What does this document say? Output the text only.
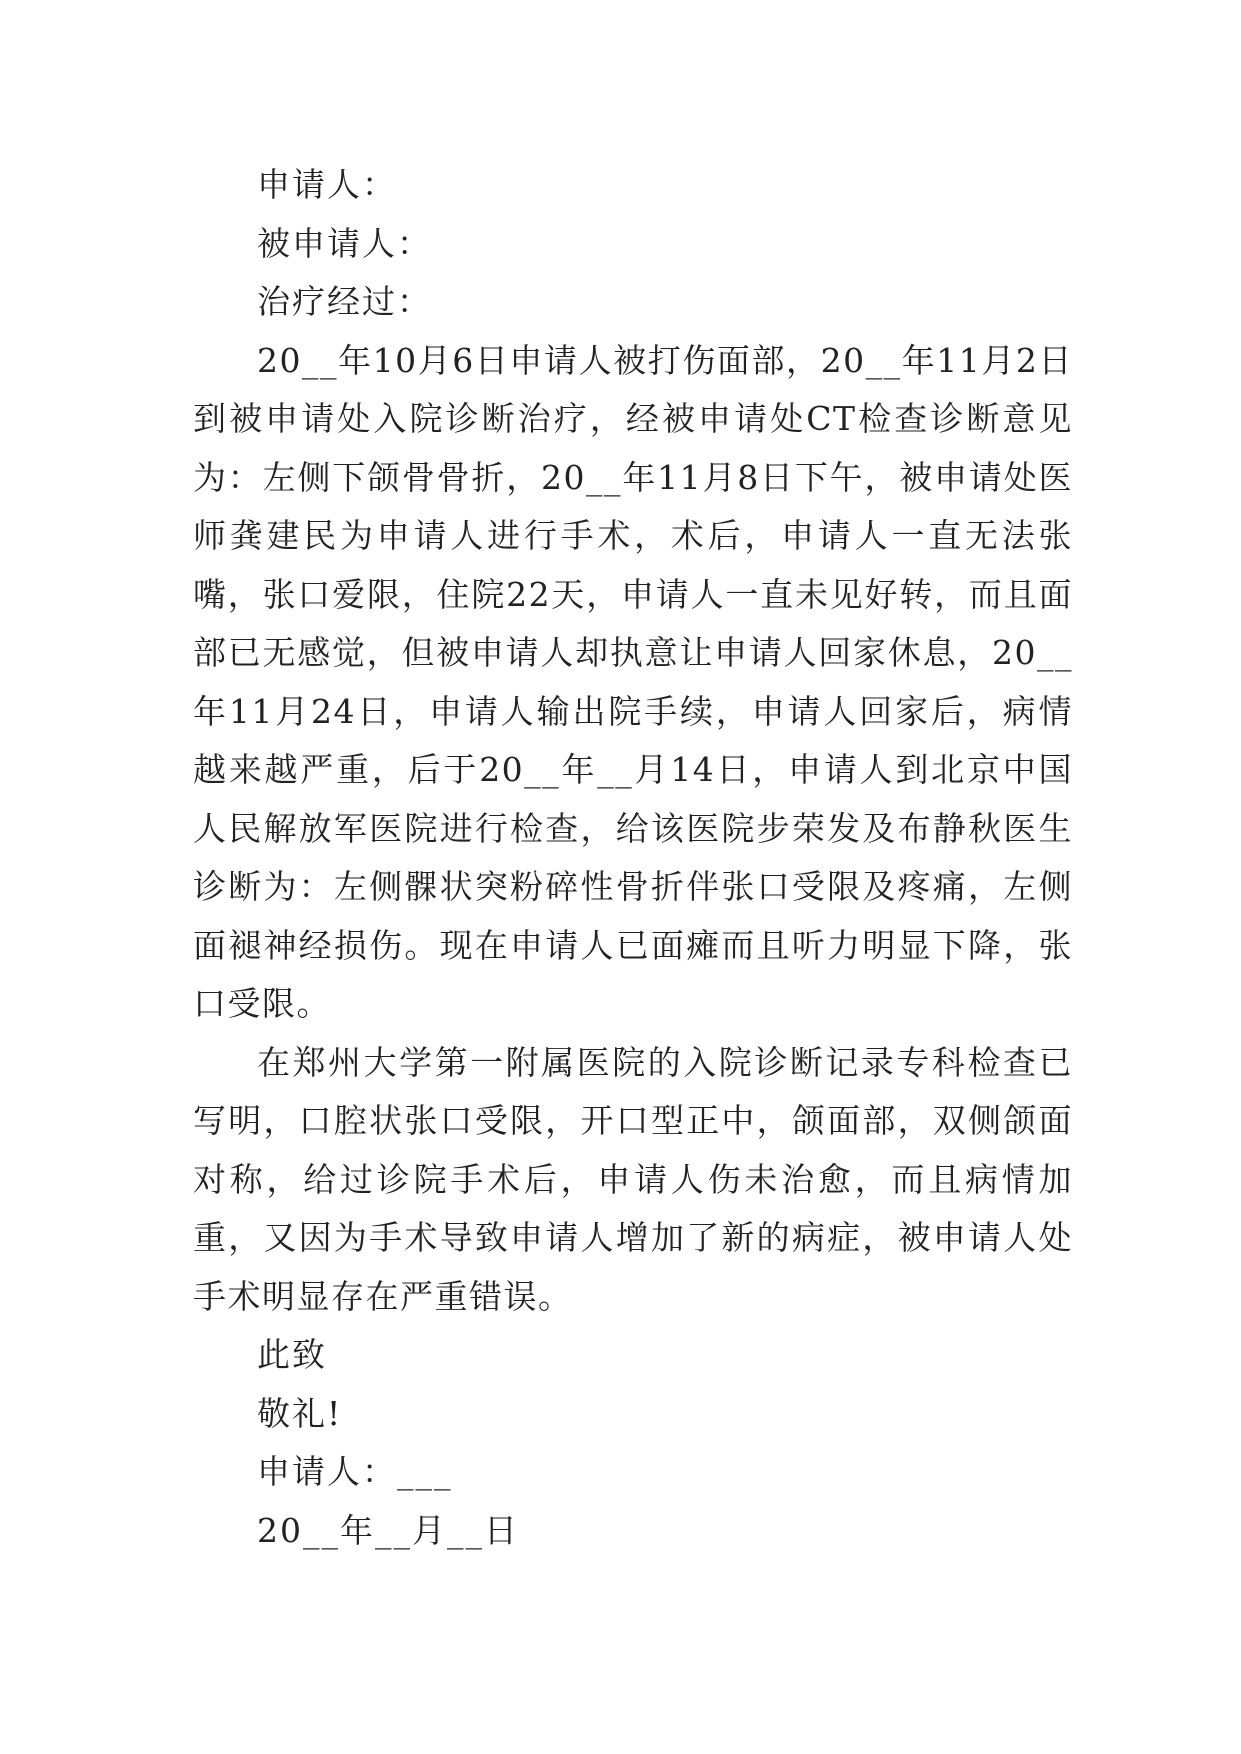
申请人：
被申请人：
治疗经过：

20__年10月6日申请人被打伤面部，20__年11月2日到被申请处入院诊断治疗，经被申请处CT检查诊断意见为：左侧下颌骨骨折，20__年11月8日下午，被申请处医师龚建民为申请人进行手术，术后，申请人一直无法张嘴，张口爱限，住院22天，申请人一直未见好转，而且面部已无感觉，但被申请人却执意让申请人回家休息，20__年11月24日，申请人输出院手续，申请人回家后，病情越来越严重，后于20__年__月14日，申请人到北京中国人民解放军医院进行检查，给该医院步荣发及布静秋医生诊断为：左侧髁状突粉碎性骨折伴张口受限及疼痛，左侧面褪神经损伤。现在申请人已面瘫而且听力明显下降，张口受限。

在郑州大学第一附属医院的入院诊断记录专科检查已写明，口腔状张口受限，开口型正中，颌面部，双侧颌面对称，给过诊院手术后，申请人伤未治愈，而且病情加重，又因为手术导致申请人增加了新的病症，被申请人处手术明显存在严重错误。

此致
敬礼!
申请人：___
20__年__月__日
